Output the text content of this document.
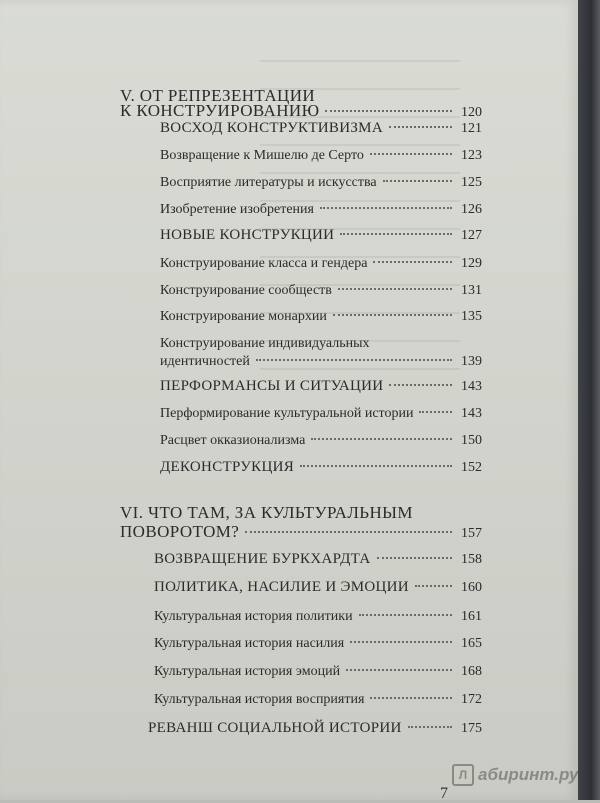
V. ОТ РЕПРЕЗЕНТАЦИИ
К КОНСТРУИРОВАНИЮ	120
ВОСХОД КОНСТРУКТИВИЗМА	121
Возвращение к Мишелю де Серто	123
Восприятие литературы и искусства	125
Изобретение изобретения	126
НОВЫЕ КОНСТРУКЦИИ	127
Конструирование класса и гендера	129
Конструирование сообществ	131
Конструирование монархии	135
Конструирование индивидуальных
идентичностей	139
ПЕРФОРМАНСЫ И СИТУАЦИИ	143
Перформирование культуральной истории	143
Расцвет окказионализма	150
ДЕКОНСТРУКЦИЯ	152
VI. ЧТО ТАМ, ЗА КУЛЬТУРАЛЬНЫМ
ПОВОРОТОМ?	157
ВОЗВРАЩЕНИЕ БУРКХАРДТА	158
ПОЛИТИКА, НАСИЛИЕ И ЭМОЦИИ	160
Культуральная история политики	161
Культуральная история насилия	165
Культуральная история эмоций	168
Культуральная история восприятия	172
РЕВАНШ СОЦИАЛЬНОЙ ИСТОРИИ	175
Л абиринт.ру
7
